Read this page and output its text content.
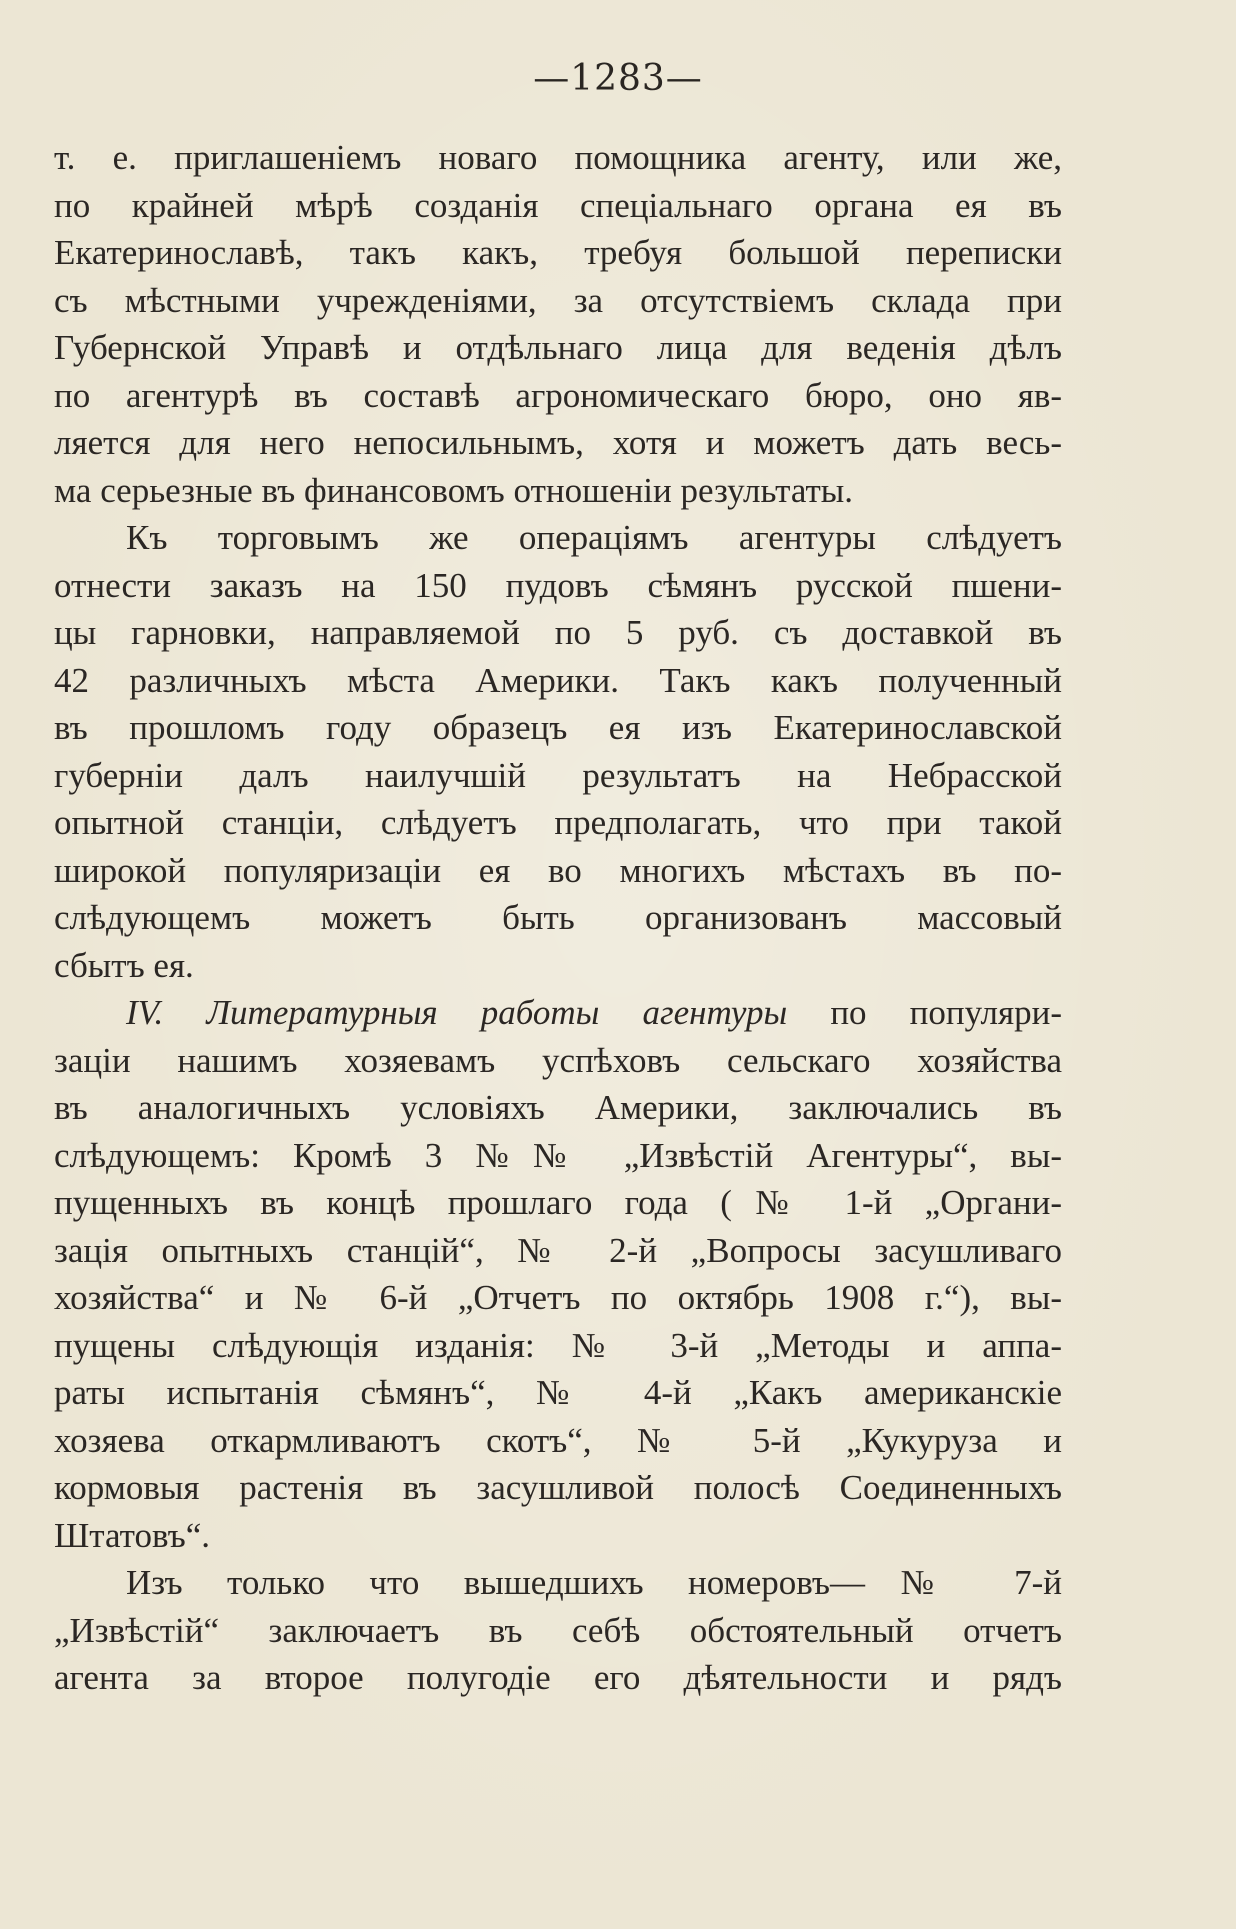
—1283—
т. е. приглашеніемъ новаго помощника агенту, или же,
по крайней мѣрѣ созданія спеціальнаго органа ея въ
Екатеринославѣ, такъ какъ, требуя большой переписки
съ мѣстными учрежденіями, за отсутствіемъ склада при
Губернской Управѣ и отдѣльнаго лица для веденія дѣлъ
по агентурѣ въ составѣ агрономическаго бюро, оно яв-
ляется для него непосильнымъ, хотя и можетъ дать весь-
ма серьезные въ финансовомъ отношеніи результаты.
Къ торговымъ же операціямъ агентуры слѣдуетъ
отнести заказъ на 150 пудовъ сѣмянъ русской пшени-
цы гарновки, направляемой по 5 руб. съ доставкой въ
42 различныхъ мѣста Америки. Такъ какъ полученный
въ прошломъ году образецъ ея изъ Екатеринославской
губерніи далъ наилучшій результатъ на Небрасской
опытной станціи, слѣдуетъ предполагать, что при такой
широкой популяризаціи ея во многихъ мѣстахъ въ по-
слѣдующемъ можетъ быть организованъ массовый
сбытъ ея.
IV. Литературныя работы агентуры по популяри-
заціи нашимъ хозяевамъ успѣховъ сельскаго хозяйства
въ аналогичныхъ условіяхъ Америки, заключались въ
слѣдующемъ: Кромѣ 3 №№ „Извѣстій Агентуры“, вы-
пущенныхъ въ концѣ прошлаго года (№ 1-й „Органи-
зація опытныхъ станцій“, № 2-й „Вопросы засушливаго
хозяйства“ и № 6-й „Отчетъ по октябрь 1908 г.“), вы-
пущены слѣдующія изданія: № 3-й „Методы и аппа-
раты испытанія сѣмянъ“, № 4-й „Какъ американскіе
хозяева откармливаютъ скотъ“, № 5-й „Кукуруза и
кормовыя растенія въ засушливой полосѣ Соединенныхъ
Штатовъ“.
Изъ только что вышедшихъ номеровъ—№ 7-й
„Извѣстій“ заключаетъ въ себѣ обстоятельный отчетъ
агента за второе полугодіе его дѣятельности и рядъ
